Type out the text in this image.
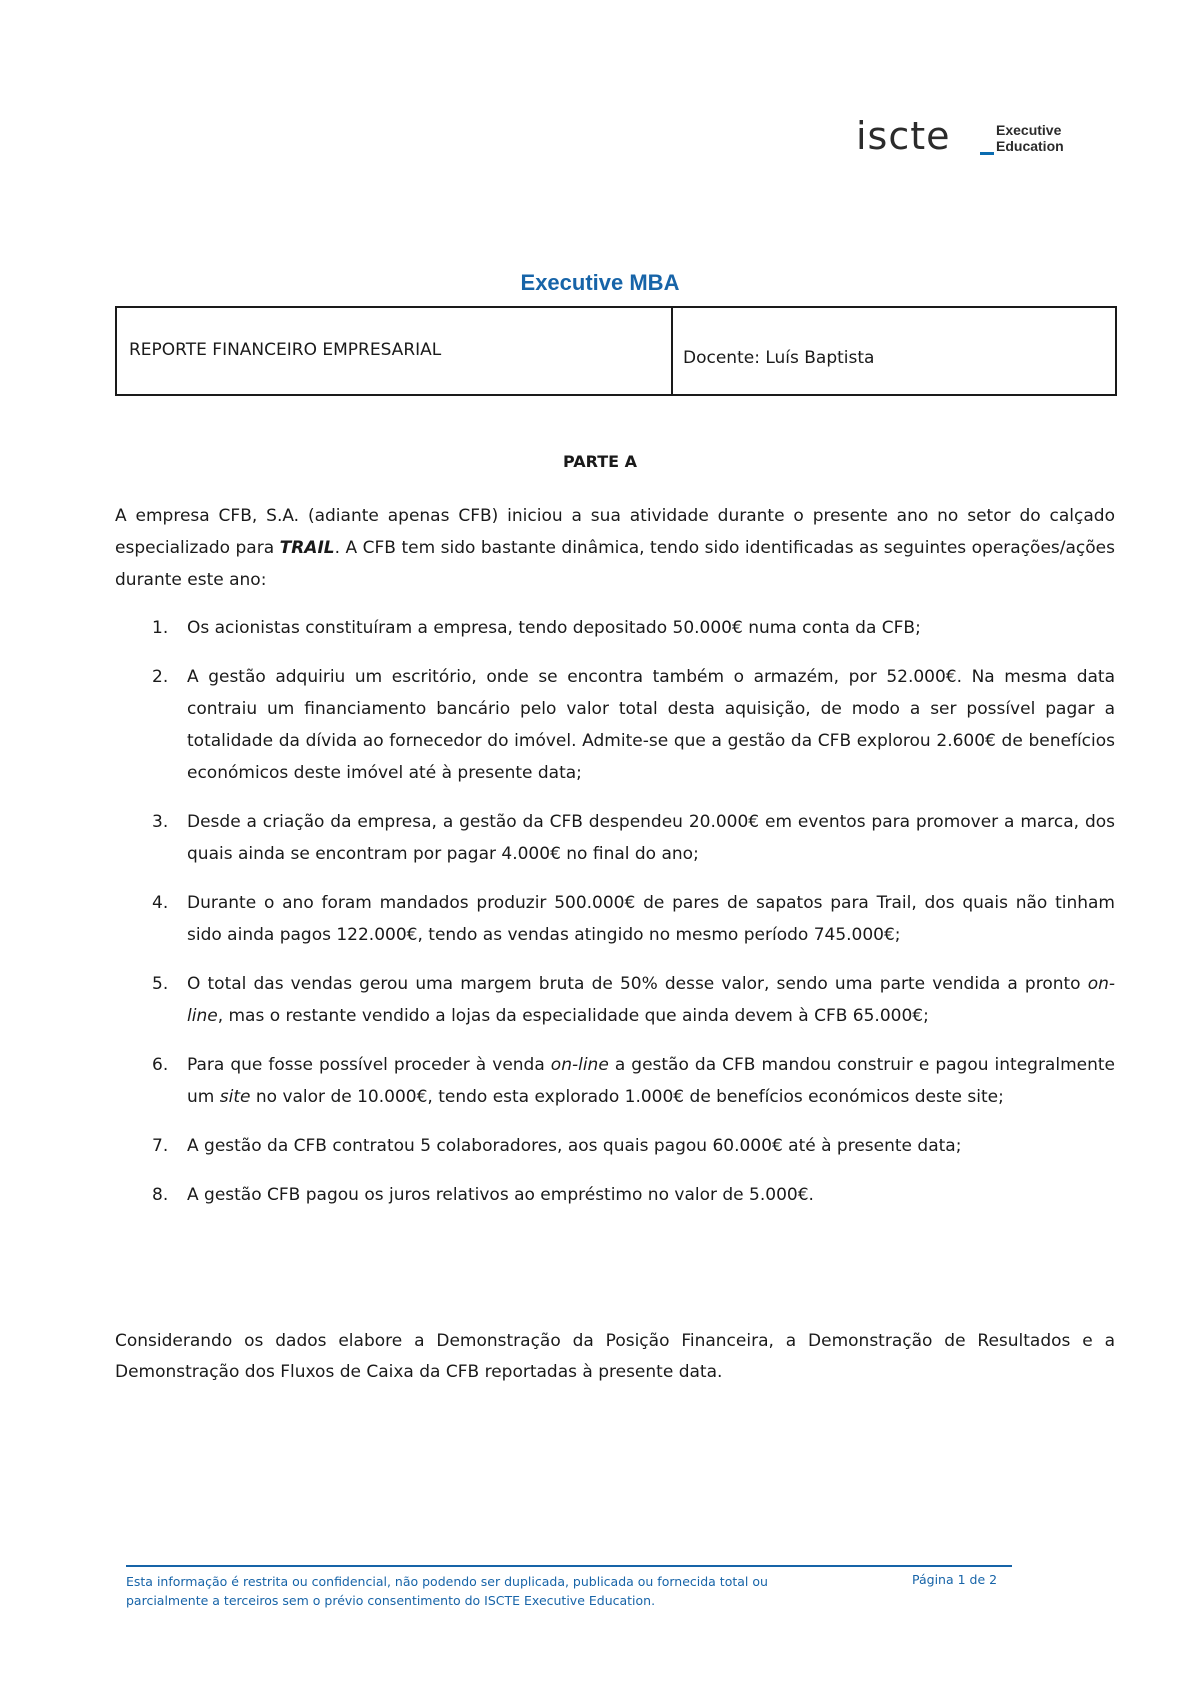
iscte	Executive
Education
Executive MBA
REPORTE FINANCEIRO EMPRESARIAL	Docente: Luís Baptista
PARTE A

A empresa CFB, S.A. (adiante apenas CFB) iniciou a sua atividade durante o presente ano no setor do calçado especializado para TRAIL. A CFB tem sido bastante dinâmica, tendo sido identificadas as seguintes operações/ações durante este ano:

1. Os acionistas constituíram a empresa, tendo depositado 50.000€ numa conta da CFB;
2. A gestão adquiriu um escritório, onde se encontra também o armazém, por 52.000€. Na mesma data contraiu um financiamento bancário pelo valor total desta aquisição, de modo a ser possível pagar a totalidade da dívida ao fornecedor do imóvel. Admite-se que a gestão da CFB explorou 2.600€ de benefícios económicos deste imóvel até à presente data;
3. Desde a criação da empresa, a gestão da CFB despendeu 20.000€ em eventos para promover a marca, dos quais ainda se encontram por pagar 4.000€ no final do ano;
4. Durante o ano foram mandados produzir 500.000€ de pares de sapatos para Trail, dos quais não tinham sido ainda pagos 122.000€, tendo as vendas atingido no mesmo período 745.000€;
5. O total das vendas gerou uma margem bruta de 50% desse valor, sendo uma parte vendida a pronto on-line, mas o restante vendido a lojas da especialidade que ainda devem à CFB 65.000€;
6. Para que fosse possível proceder à venda on-line a gestão da CFB mandou construir e pagou integralmente um site no valor de 10.000€, tendo esta explorado 1.000€ de benefícios económicos deste site;
7. A gestão da CFB contratou 5 colaboradores, aos quais pagou 60.000€ até à presente data;
8. A gestão CFB pagou os juros relativos ao empréstimo no valor de 5.000€.

Considerando os dados elabore a Demonstração da Posição Financeira, a Demonstração de Resultados e a Demonstração dos Fluxos de Caixa da CFB reportadas à presente data.

Esta informação é restrita ou confidencial, não podendo ser duplicada, publicada ou fornecida total ou parcialmente a terceiros sem o prévio consentimento do ISCTE Executive Education.

Página 1 de 2
